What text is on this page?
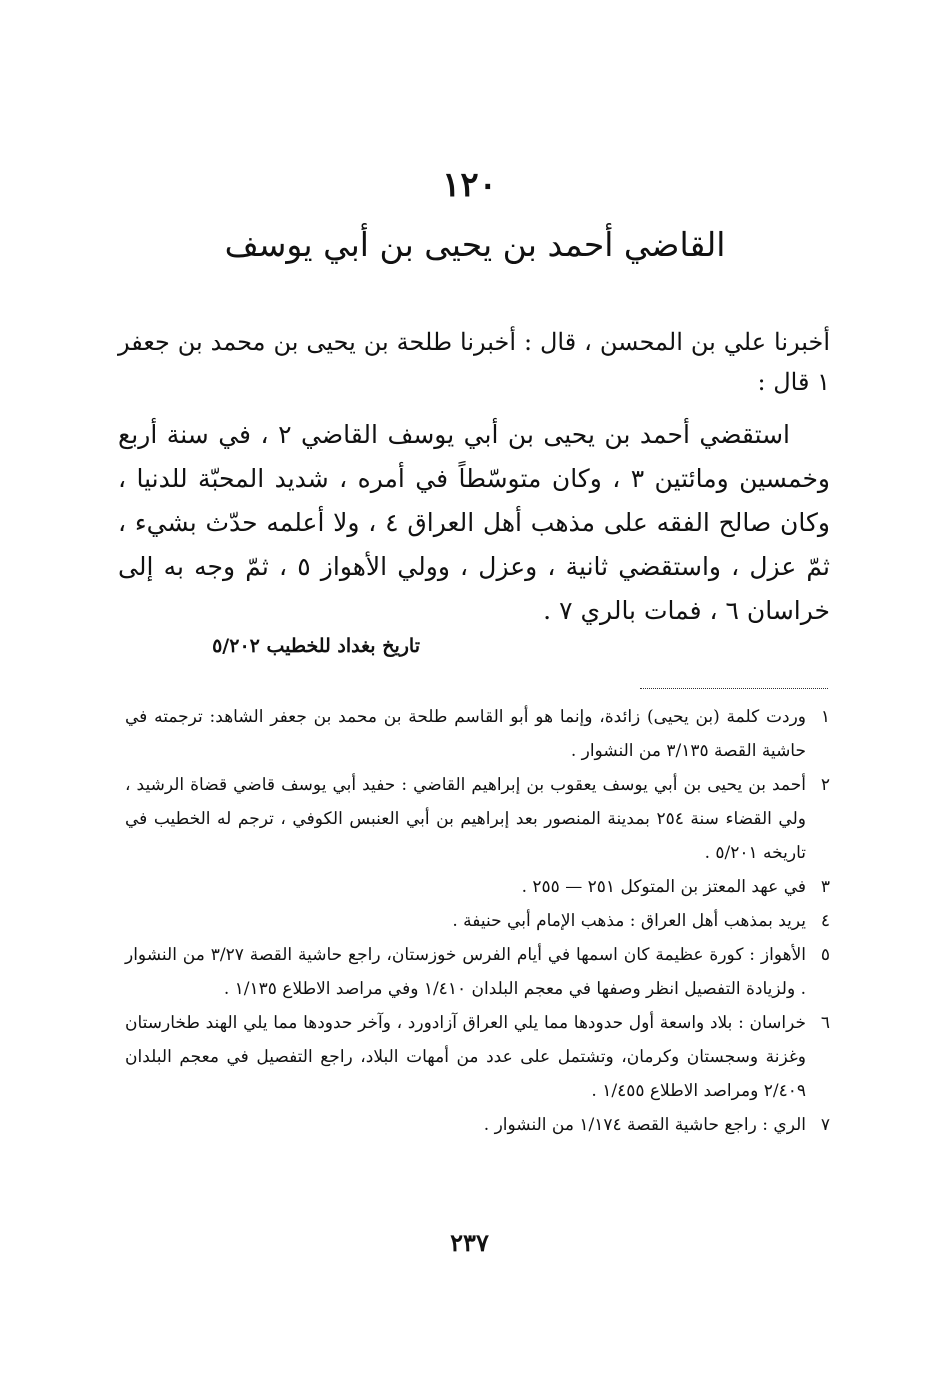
١٢٠
القاضي أحمد بن يحيى بن أبي يوسف

أخبرنا علي بن المحسن ، قال : أخبرنا طلحة بن يحيى بن محمد بن جعفر ١ قال :

استقضي أحمد بن يحيى بن أبي يوسف القاضي ٢ ، في سنة أربع وخمسين ومائتين ٣ ، وكان متوسّطاً في أمره ، شديد المحبّة للدنيا ، وكان صالح الفقه على مذهب أهل العراق ٤ ، ولا أعلمه حدّث بشيء ، ثمّ عزل ، واستقضي ثانية ، وعزل ، وولي الأهواز ٥ ، ثمّ وجه به إلى خراسان ٦ ، فمات بالري ٧ .

تاريخ بغداد للخطيب ٥/٢٠٢
١
وردت كلمة (بن يحيى) زائدة، وإنما هو أبو القاسم طلحة بن محمد بن جعفر الشاهد: ترجمته في حاشية القصة ٣/١٣٥ من النشوار .
٢
أحمد بن يحيى بن أبي يوسف يعقوب بن إبراهيم القاضي : حفيد أبي يوسف قاضي قضاة الرشيد ، ولي القضاء سنة ٢٥٤ بمدينة المنصور بعد إبراهيم بن أبي العنبس الكوفي ، ترجم له الخطيب في تاريخه ٥/٢٠١ .
٣
في عهد المعتز بن المتوكل ٢٥١ — ٢٥٥ .
٤
يريد بمذهب أهل العراق : مذهب الإمام أبي حنيفة .
٥
الأهواز : كورة عظيمة كان اسمها في أيام الفرس خوزستان، راجع حاشية القصة ٣/٢٧ من النشوار . ولزيادة التفصيل انظر وصفها في معجم البلدان ١/٤١٠ وفي مراصد الاطلاع ١/١٣٥ .
٦
خراسان : بلاد واسعة أول حدودها مما يلي العراق آزادورد ، وآخر حدودها مما يلي الهند طخارستان وغزنة وسجستان وكرمان، وتشتمل على عدد من أمهات البلاد، راجع التفصيل في معجم البلدان ٢/٤٠٩ ومراصد الاطلاع ١/٤٥٥ .
٧
الري : راجع حاشية القصة ١/١٧٤ من النشوار .
٢٣٧
